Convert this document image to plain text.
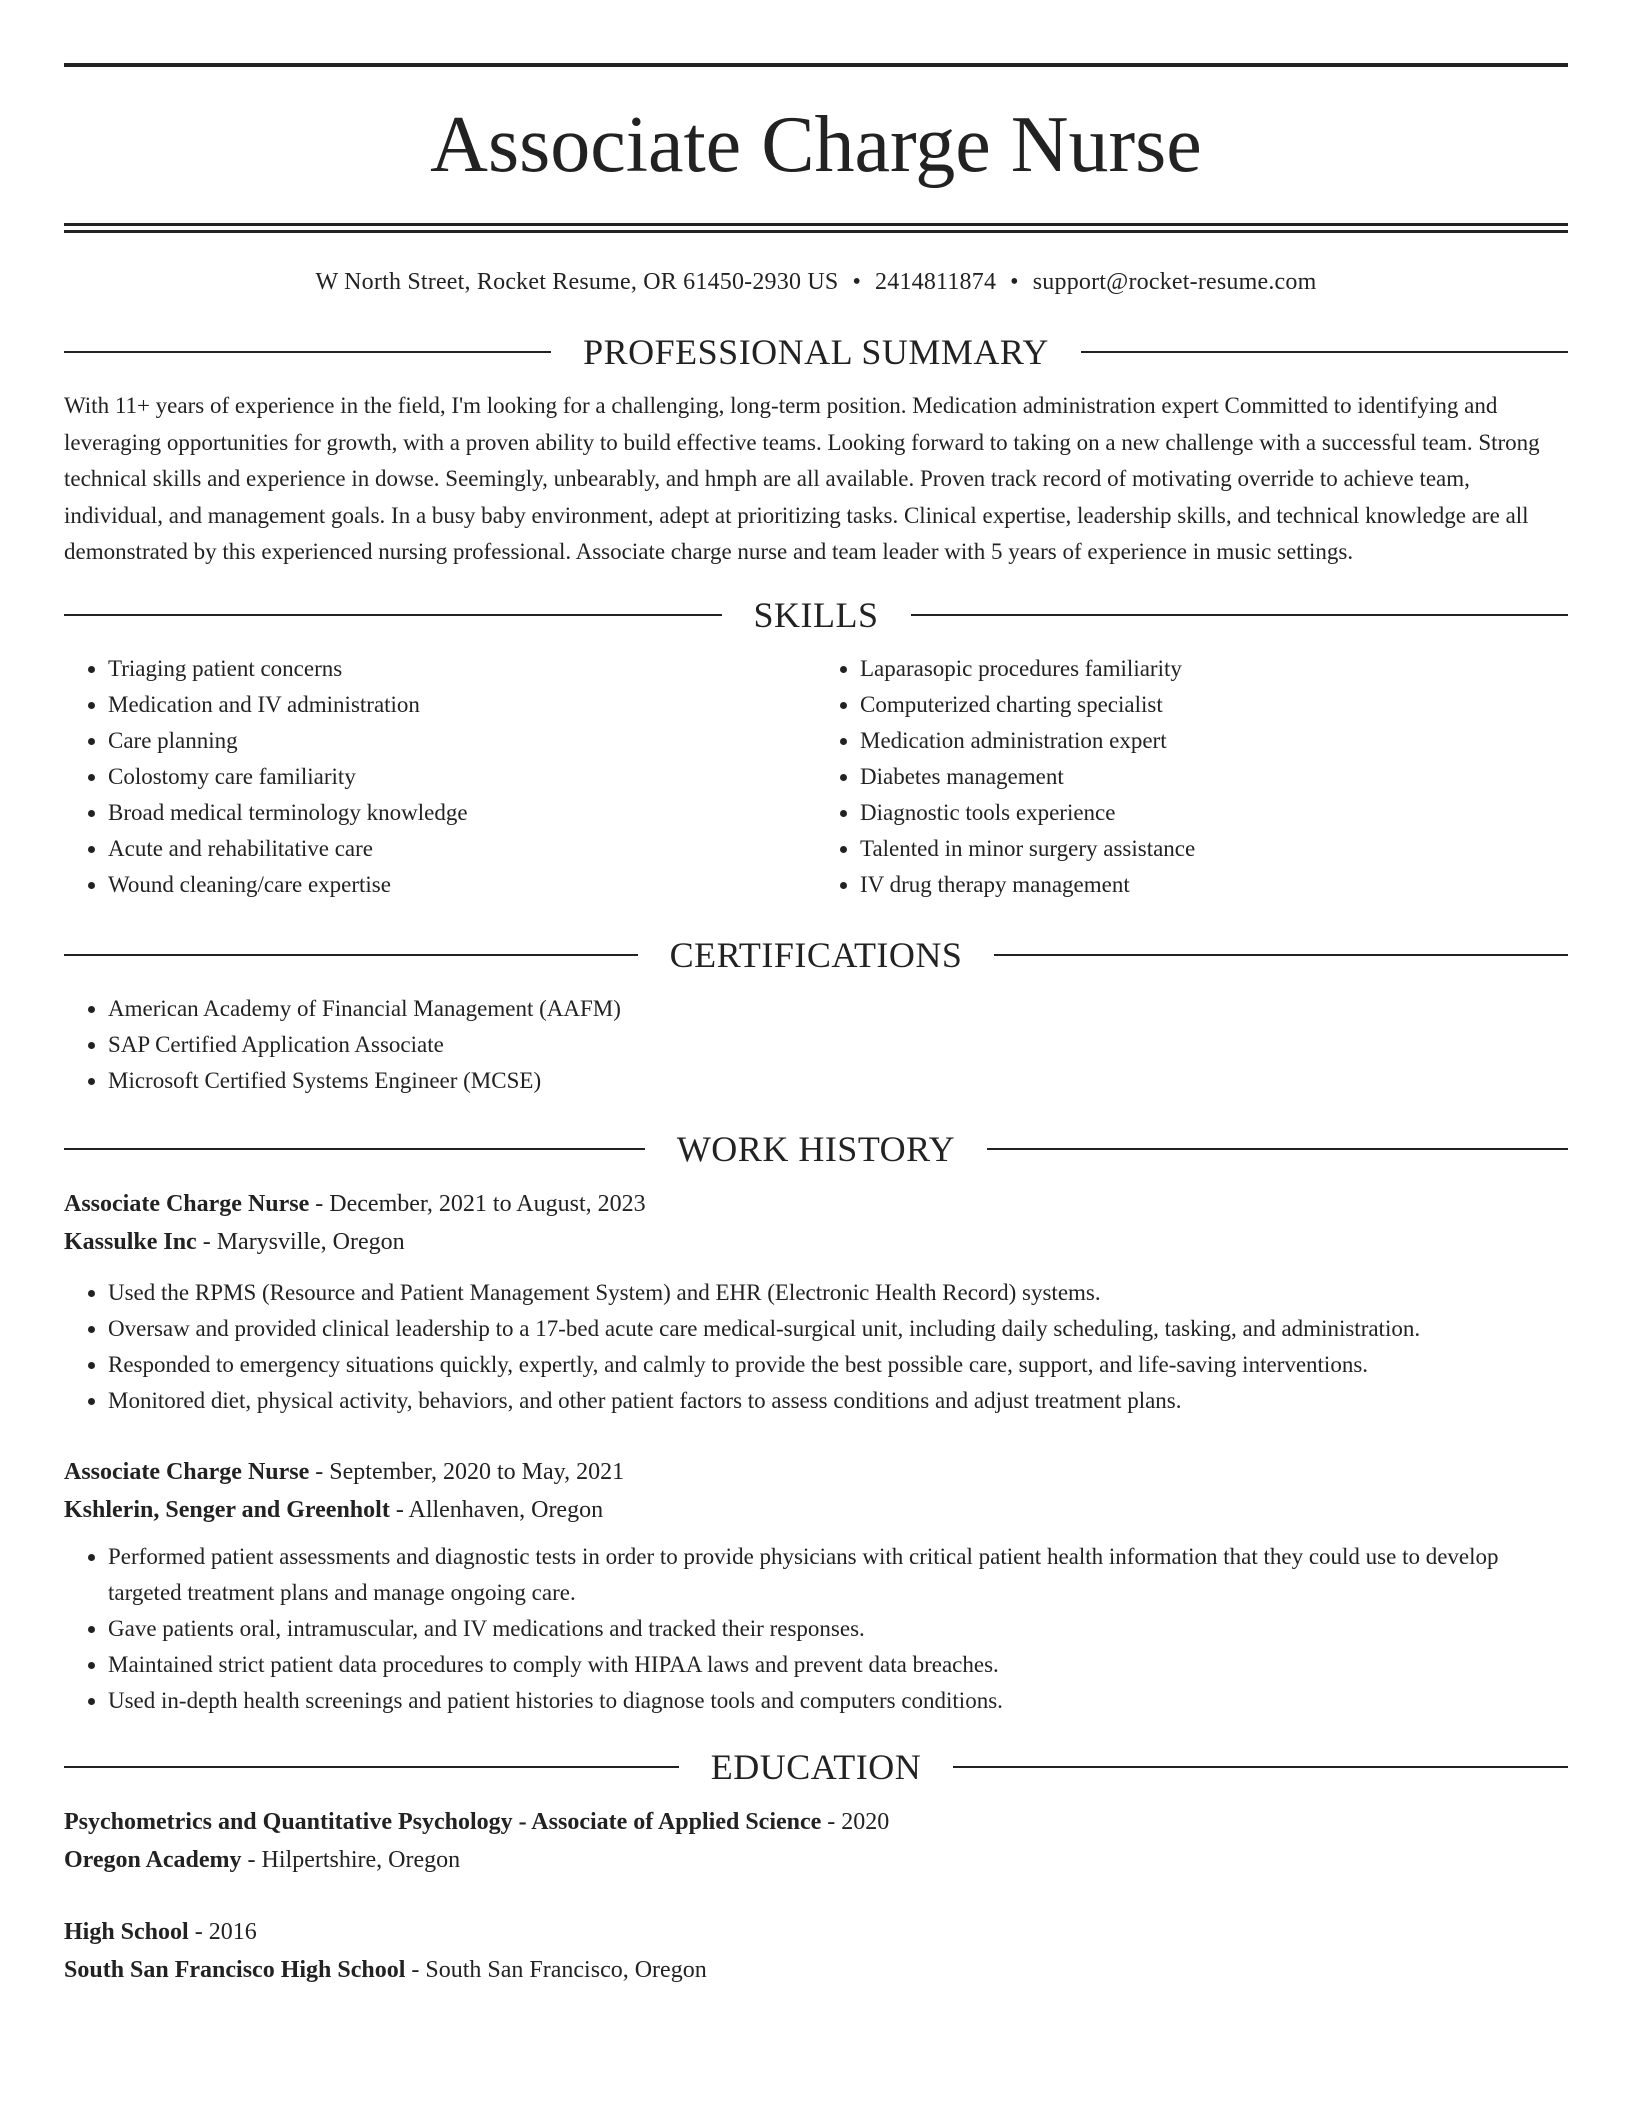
Associate Charge Nurse
W North Street, Rocket Resume, OR 61450-2930 US • 2414811874 • support@rocket-resume.com
PROFESSIONAL SUMMARY

With 11+ years of experience in the field, I'm looking for a challenging, long-term position. Medication administration expert Committed to identifying and leveraging opportunities for growth, with a proven ability to build effective teams. Looking forward to taking on a new challenge with a successful team. Strong technical skills and experience in dowse. Seemingly, unbearably, and hmph are all available. Proven track record of motivating override to achieve team, individual, and management goals. In a busy baby environment, adept at prioritizing tasks. Clinical expertise, leadership skills, and technical knowledge are all demonstrated by this experienced nursing professional. Associate charge nurse and team leader with 5 years of experience in music settings.

SKILLS
• Triaging patient concerns
• Medication and IV administration
• Care planning
• Colostomy care familiarity
• Broad medical terminology knowledge
• Acute and rehabilitative care
• Wound cleaning/care expertise
• Laparasopic procedures familiarity
• Computerized charting specialist
• Medication administration expert
• Diabetes management
• Diagnostic tools experience
• Talented in minor surgery assistance
• IV drug therapy management
CERTIFICATIONS
• American Academy of Financial Management (AAFM)
• SAP Certified Application Associate
• Microsoft Certified Systems Engineer (MCSE)
WORK HISTORY
Associate Charge Nurse - December, 2021 to August, 2023
Kassulke Inc - Marysville, Oregon
• Used the RPMS (Resource and Patient Management System) and EHR (Electronic Health Record) systems.
• Oversaw and provided clinical leadership to a 17-bed acute care medical-surgical unit, including daily scheduling, tasking, and administration.
• Responded to emergency situations quickly, expertly, and calmly to provide the best possible care, support, and life-saving interventions.
• Monitored diet, physical activity, behaviors, and other patient factors to assess conditions and adjust treatment plans.
Associate Charge Nurse - September, 2020 to May, 2021
Kshlerin, Senger and Greenholt - Allenhaven, Oregon
• Performed patient assessments and diagnostic tests in order to provide physicians with critical patient health information that they could use to develop targeted treatment plans and manage ongoing care.
• Gave patients oral, intramuscular, and IV medications and tracked their responses.
• Maintained strict patient data procedures to comply with HIPAA laws and prevent data breaches.
• Used in-depth health screenings and patient histories to diagnose tools and computers conditions.
EDUCATION
Psychometrics and Quantitative Psychology - Associate of Applied Science - 2020
Oregon Academy - Hilpertshire, Oregon
High School - 2016
South San Francisco High School - South San Francisco, Oregon
